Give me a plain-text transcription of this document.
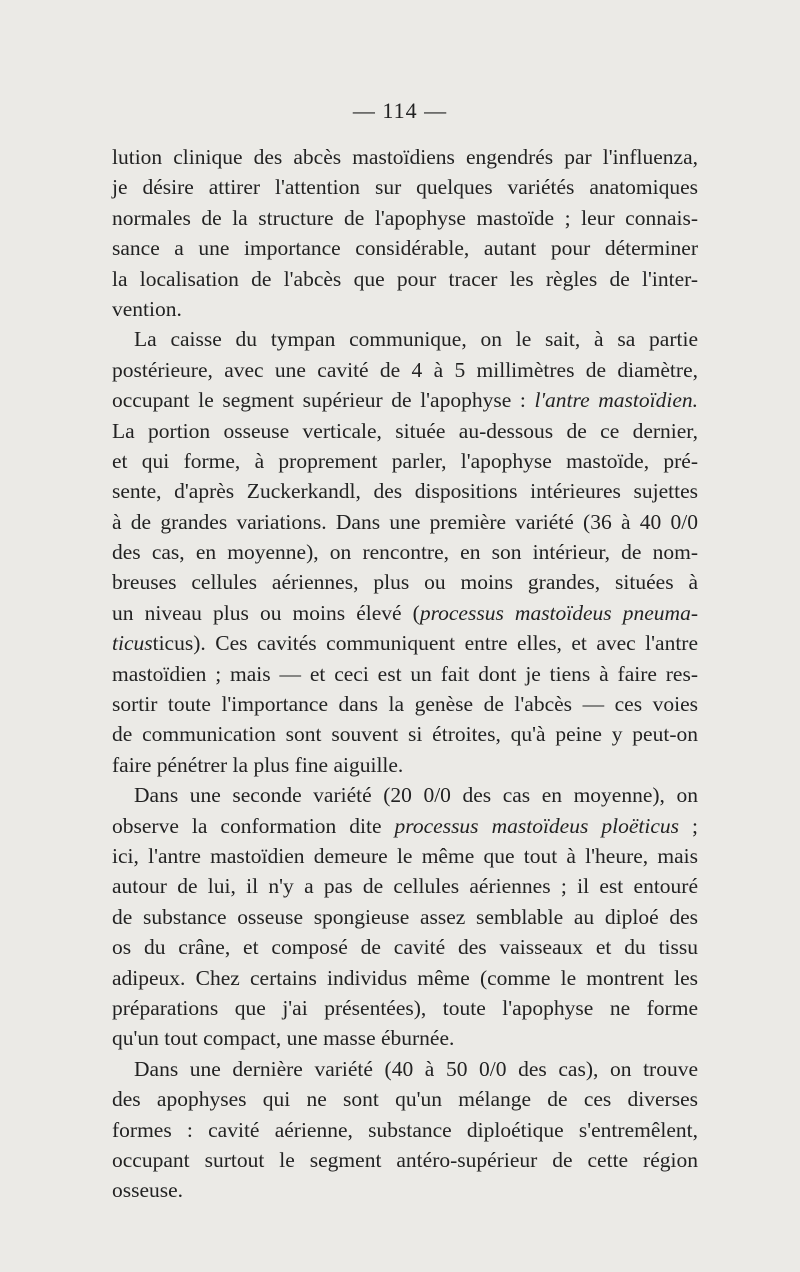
— 114 —
lution clinique des abcès mastoïdiens engendrés par l'influenza,
je désire attirer l'attention sur quelques variétés anatomiques
normales de la structure de l'apophyse mastoïde ; leur connais-
sance a une importance considérable, autant pour déterminer
la localisation de l'abcès que pour tracer les règles de l'inter-
vention.
La caisse du tympan communique, on le sait, à sa partie
postérieure, avec une cavité de 4 à 5 millimètres de diamètre,
occupant le segment supérieur de l'apophyse : l'antre mastoïdien.
La portion osseuse verticale, située au-dessous de ce dernier,
et qui forme, à proprement parler, l'apophyse mastoïde, pré-
sente, d'après Zuckerkandl, des dispositions intérieures sujettes
à de grandes variations. Dans une première variété (36 à 40 0/0
des cas, en moyenne), on rencontre, en son intérieur, de nom-
breuses cellules aériennes, plus ou moins grandes, situées à
un niveau plus ou moins élevé (processus mastoïdeus pneuma-
ticusticus). Ces cavités communiquent entre elles, et avec l'antre
mastoïdien ; mais — et ceci est un fait dont je tiens à faire res-
sortir toute l'importance dans la genèse de l'abcès — ces voies
de communication sont souvent si étroites, qu'à peine y peut-on
faire pénétrer la plus fine aiguille.
Dans une seconde variété (20 0/0 des cas en moyenne), on
observe la conformation dite processus mastoïdeus ploëticus ;
ici, l'antre mastoïdien demeure le même que tout à l'heure, mais
autour de lui, il n'y a pas de cellules aériennes ; il est entouré
de substance osseuse spongieuse assez semblable au diploé des
os du crâne, et composé de cavité des vaisseaux et du tissu
adipeux. Chez certains individus même (comme le montrent les
préparations que j'ai présentées), toute l'apophyse ne forme
qu'un tout compact, une masse éburnée.
Dans une dernière variété (40 à 50 0/0 des cas), on trouve
des apophyses qui ne sont qu'un mélange de ces diverses
formes : cavité aérienne, substance diploétique s'entremêlent,
occupant surtout le segment antéro-supérieur de cette région
osseuse.
